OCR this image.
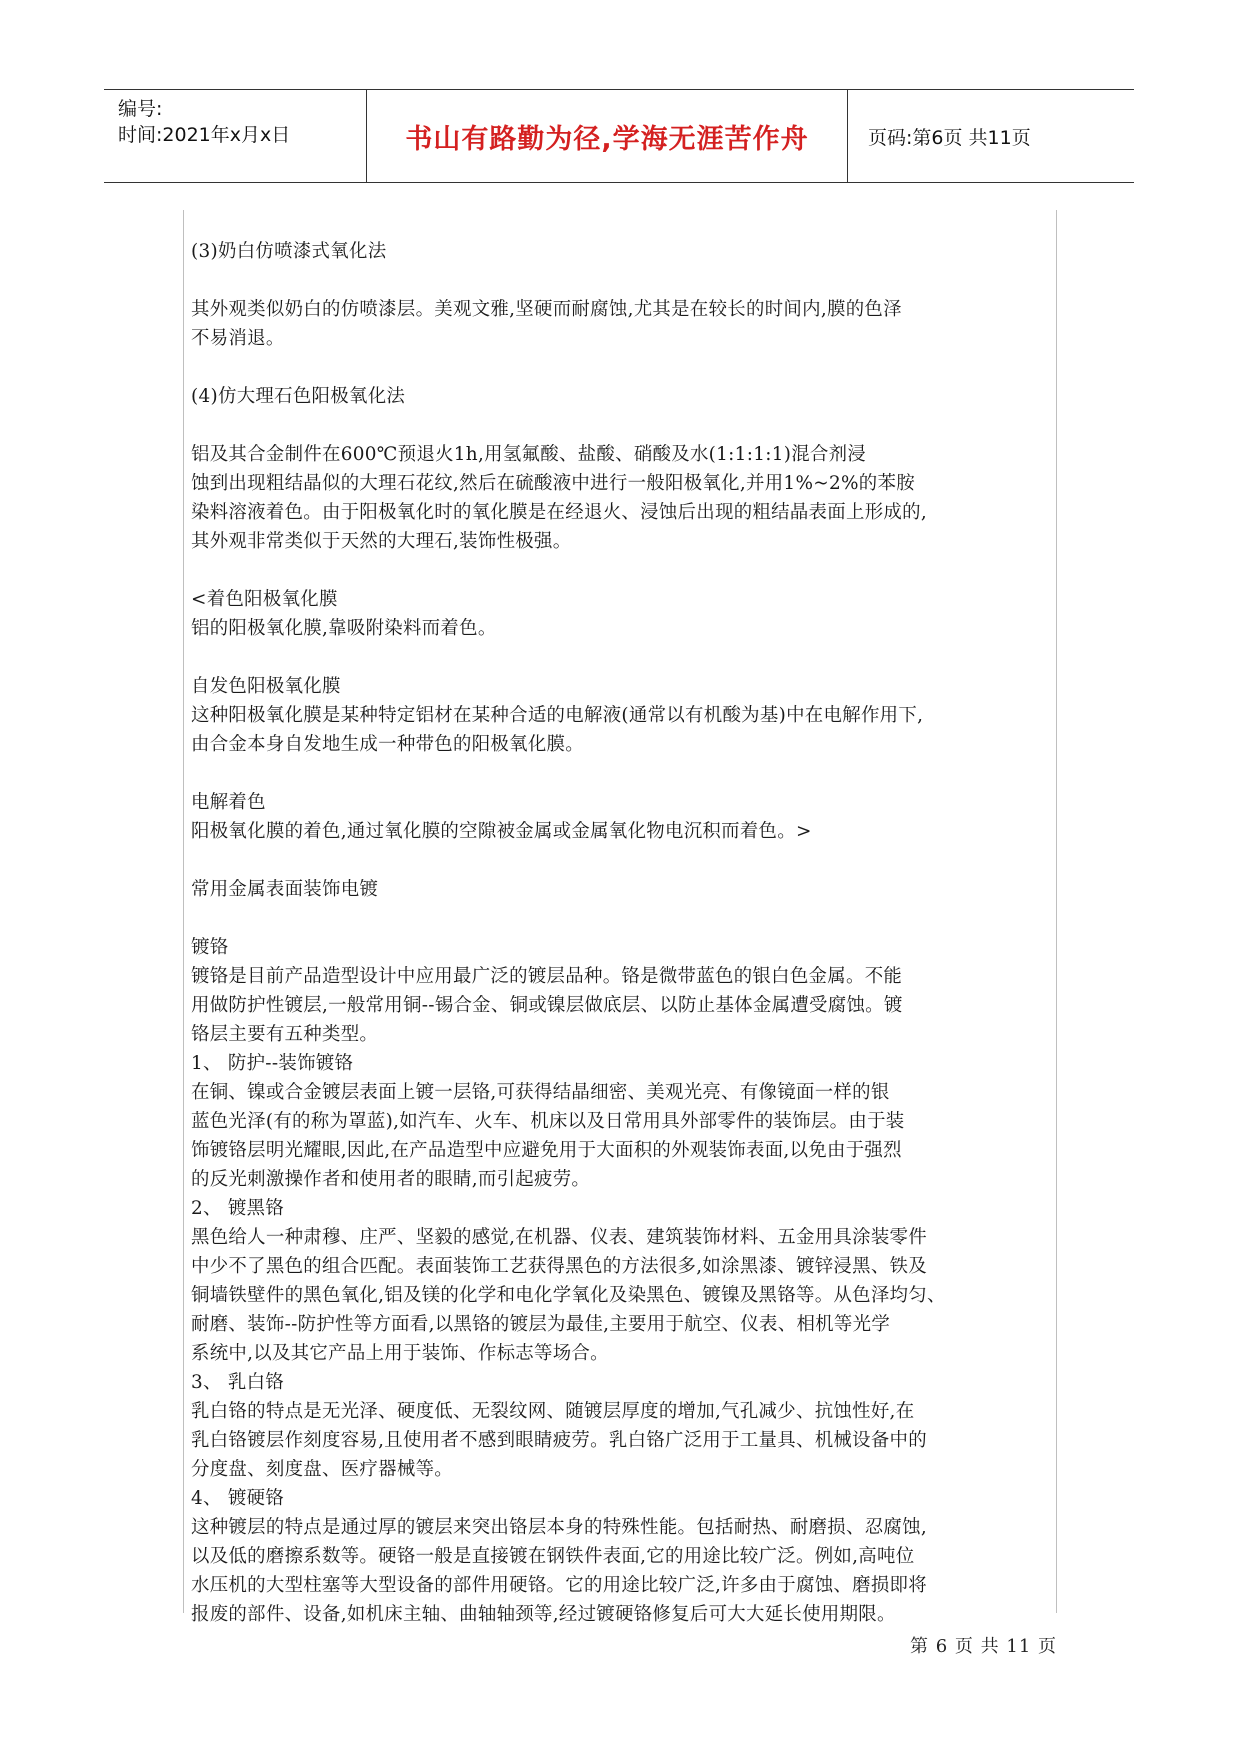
编号:
时间:2021年x月x日	书山有路勤为径,学海无涯苦作舟	页码:第6页 共11页
(3)奶白仿喷漆式氧化法
其外观类似奶白的仿喷漆层。美观文雅,坚硬而耐腐蚀,尤其是在较长的时间内,膜的色泽
不易消退。
(4)仿大理石色阳极氧化法
铝及其合金制件在600℃预退火1h,用氢氟酸、盐酸、硝酸及水(1:1:1:1)混合剂浸
蚀到出现粗结晶似的大理石花纹,然后在硫酸液中进行一般阳极氧化,并用1%~2%的苯胺
染料溶液着色。由于阳极氧化时的氧化膜是在经退火、浸蚀后出现的粗结晶表面上形成的,
其外观非常类似于天然的大理石,装饰性极强。
<着色阳极氧化膜
铝的阳极氧化膜,靠吸附染料而着色。
自发色阳极氧化膜
这种阳极氧化膜是某种特定铝材在某种合适的电解液(通常以有机酸为基)中在电解作用下,
由合金本身自发地生成一种带色的阳极氧化膜。
电解着色
阳极氧化膜的着色,通过氧化膜的空隙被金属或金属氧化物电沉积而着色。>
常用金属表面装饰电镀
镀铬
镀铬是目前产品造型设计中应用最广泛的镀层品种。铬是微带蓝色的银白色金属。不能
用做防护性镀层,一般常用铜--锡合金、铜或镍层做底层、以防止基体金属遭受腐蚀。镀
铬层主要有五种类型。
1、 防护--装饰镀铬
在铜、镍或合金镀层表面上镀一层铬,可获得结晶细密、美观光亮、有像镜面一样的银
蓝色光泽(有的称为罩蓝),如汽车、火车、机床以及日常用具外部零件的装饰层。由于装
饰镀铬层明光耀眼,因此,在产品造型中应避免用于大面积的外观装饰表面,以免由于强烈
的反光刺激操作者和使用者的眼睛,而引起疲劳。
2、 镀黑铬
黑色给人一种肃穆、庄严、坚毅的感觉,在机器、仪表、建筑装饰材料、五金用具涂装零件
中少不了黑色的组合匹配。表面装饰工艺获得黑色的方法很多,如涂黑漆、镀锌浸黑、铁及
铜墙铁壁件的黑色氧化,铝及镁的化学和电化学氧化及染黑色、镀镍及黑铬等。从色泽均匀、
耐磨、装饰--防护性等方面看,以黑铬的镀层为最佳,主要用于航空、仪表、相机等光学
系统中,以及其它产品上用于装饰、作标志等场合。
3、 乳白铬
乳白铬的特点是无光泽、硬度低、无裂纹网、随镀层厚度的增加,气孔减少、抗蚀性好,在
乳白铬镀层作刻度容易,且使用者不感到眼睛疲劳。乳白铬广泛用于工量具、机械设备中的
分度盘、刻度盘、医疗器械等。
4、 镀硬铬
这种镀层的特点是通过厚的镀层来突出铬层本身的特殊性能。包括耐热、耐磨损、忍腐蚀,
以及低的磨擦系数等。硬铬一般是直接镀在钢铁件表面,它的用途比较广泛。例如,高吨位
水压机的大型柱塞等大型设备的部件用硬铬。它的用途比较广泛,许多由于腐蚀、磨损即将
报废的部件、设备,如机床主轴、曲轴轴颈等,经过镀硬铬修复后可大大延长使用期限。
第 6 页 共 11 页
